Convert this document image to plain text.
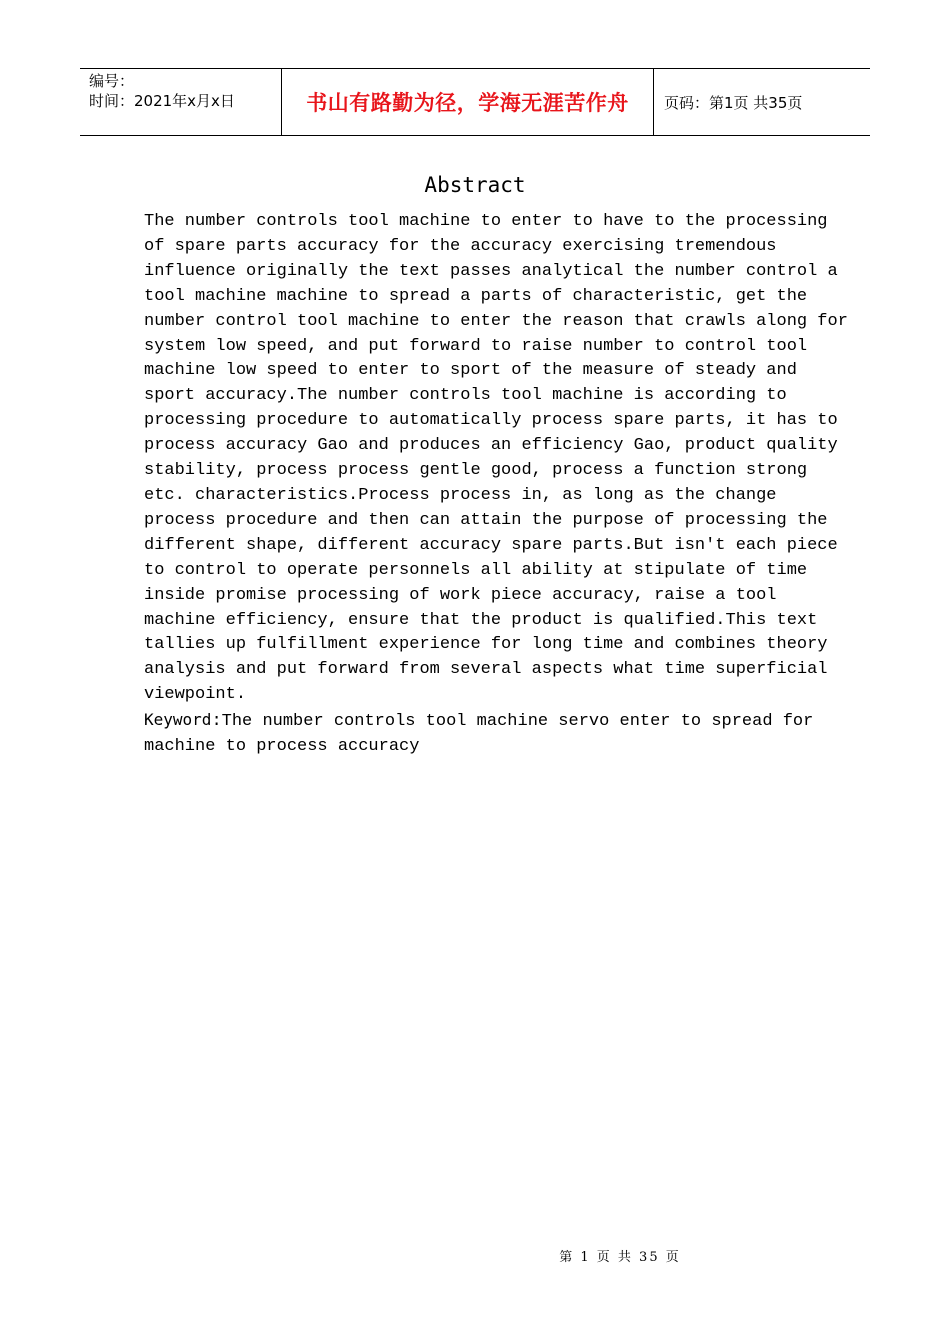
编号：
时间：2021年x月x日	书山有路勤为径，学海无涯苦作舟	页码：第1页 共35页
Abstract
The number controls tool machine to enter to have to the processing
of spare parts accuracy for the accuracy exercising tremendous
influence originally the text passes analytical the number control a
tool machine machine to spread a parts of characteristic, get the
number control tool machine to enter the reason that crawls along for
system low speed, and put forward to raise number to control tool
machine low speed to enter to sport of the measure of steady and
sport accuracy.The number controls tool machine is according to
processing procedure to automatically process spare parts, it has to
process accuracy Gao and produces an efficiency Gao, product quality
stability, process process gentle good, process a function strong
etc. characteristics.Process process in, as long as the change
process procedure and then can attain the purpose of processing the
different shape, different accuracy spare parts.But isn't each piece
to control to operate personnels all ability at stipulate of time
inside promise processing of work piece accuracy, raise a tool
machine efficiency, ensure that the product is qualified.This text
tallies up fulfillment experience for long time and combines theory
analysis and put forward from several aspects what time superficial
viewpoint.
Keyword:The number controls tool machine servo enter to spread for
machine to process accuracy
第 1 页 共 35 页
